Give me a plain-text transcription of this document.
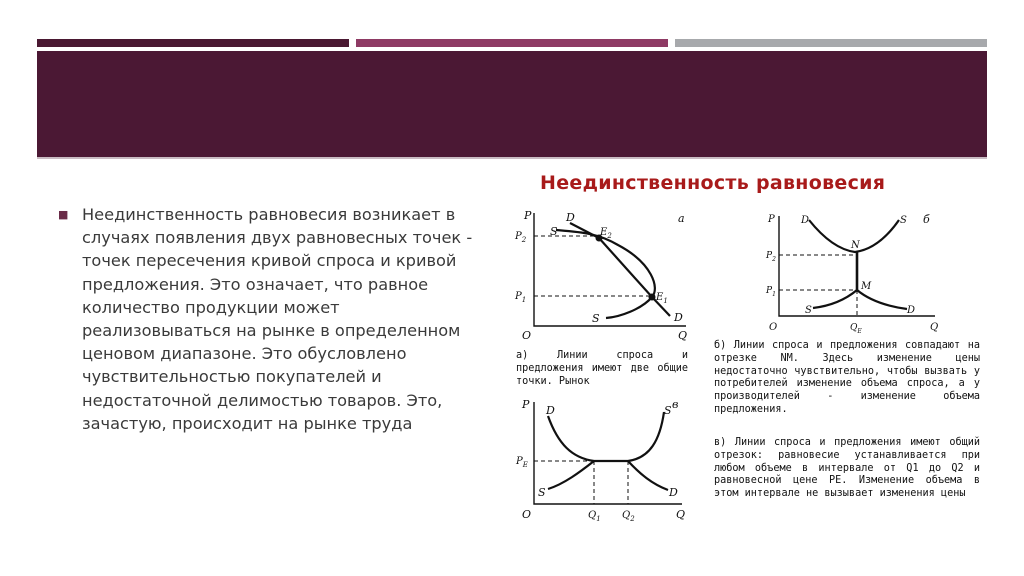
Неединственность равновесия
■ Неединственность равновесия возникает в случаях появления двух равновесных точек - точек пересечения кривой спроса и кривой предложения. Это означает, что равное количество продукции может реализовываться на рынке в определенном ценовом диапазоне. Это обусловлено чувствительностью покупателей и недостаточной делимостью товаров. Это, зачастую, происходит на рынке труда
P
$P_2$
$P_1$
D
S	$E_2$
$E_1$
S	D
а
O	Q
P
$P_2$
$P_1$
D	S б
N
M
S	D
O	$Q_E$	Q
P
$P_E$
D	S в
S	D
O	$Q_1$ $Q_2$	Q
а) Линии спроса и предложения имеют две общие точки. Рынок
б) Линии спроса и предложения совпадают на отрезке NM. Здесь изменение цены недостаточно чувствительно, чтобы вызвать у потребителей изменение объема спроса, а у производителей - изменение объема предложения.
в) Линии спроса и предложения имеют общий отрезок: равновесие устанавливается при любом объеме в интервале от Q1 до Q2 и равновесной цене PE. Изменение объема в этом интервале не вызывает изменения цены
